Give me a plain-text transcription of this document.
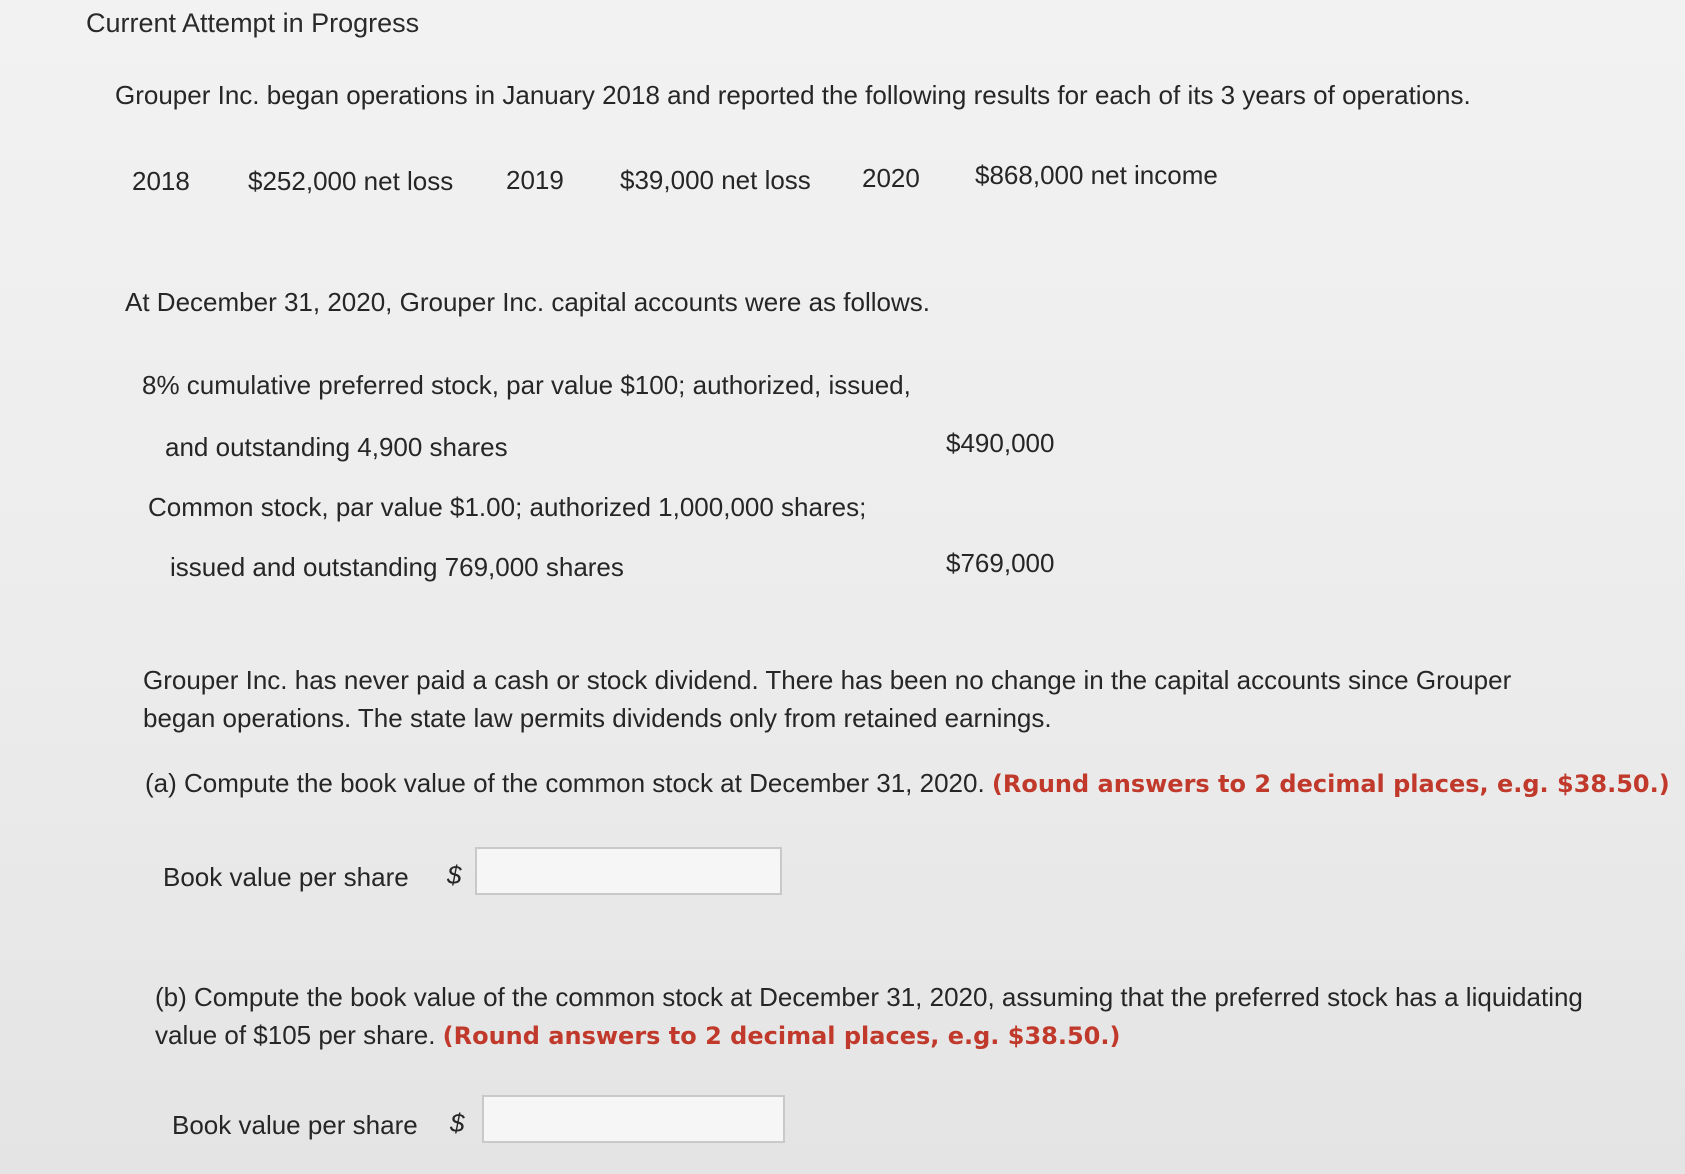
Current Attempt in Progress
Grouper Inc. began operations in January 2018 and reported the following results for each of its 3 years of operations.
2018 $252,000 net loss 2019 $39,000 net loss 2020 $868,000 net income
At December 31, 2020, Grouper Inc. capital accounts were as follows.
8% cumulative preferred stock, par value $100; authorized, issued,
and outstanding 4,900 shares	$490,000
Common stock, par value $1.00; authorized 1,000,000 shares;
issued and outstanding 769,000 shares	$769,000
Grouper Inc. has never paid a cash or stock dividend. There has been no change in the capital accounts since Grouper began operations. The state law permits dividends only from retained earnings.
(a) Compute the book value of the common stock at December 31, 2020. (Round answers to 2 decimal places, e.g. $38.50.)
Book value per share $
(b) Compute the book value of the common stock at December 31, 2020, assuming that the preferred stock has a liquidating value of $105 per share. (Round answers to 2 decimal places, e.g. $38.50.)
Book value per share $
